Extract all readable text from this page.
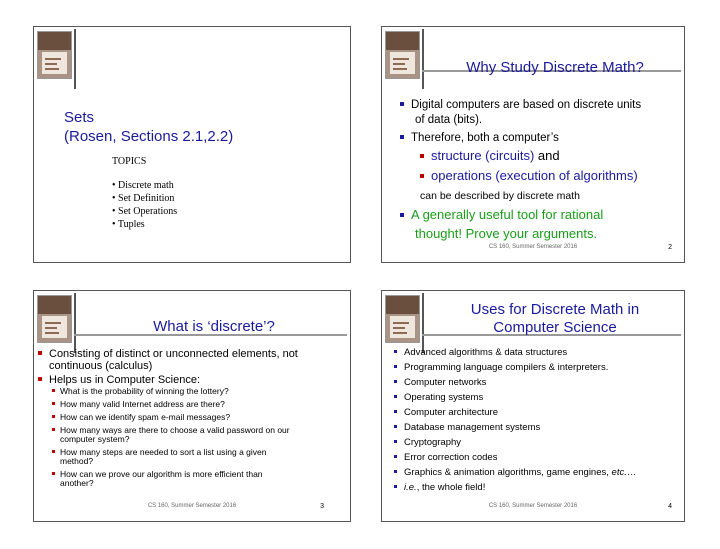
Sets
(Rosen, Sections 2.1,2.2)
TOPICS
• Discrete math
• Set Definition
• Set Operations
• Tuples
Why Study Discrete Math?
Digital computers are based on discrete units
of data (bits).
Therefore, both a computer’s
structure (circuits) and
operations (execution of algorithms)
can be described by discrete math
A generally useful tool for rational
thought! Prove your arguments.
CS 160, Summer Semester 2016	2
What is ‘discrete’?
Consisting of distinct or unconnected elements, not
continuous (calculus)
Helps us in Computer Science:
What is the probability of winning the lottery?
How many valid Internet address are there?
How can we identify spam e-mail messages?
How many ways are there to choose a valid password on our
computer system?
How many steps are needed to sort a list using a given
method?
How can we prove our algorithm is more efficient than
another?
CS 160, Summer Semester 2016	3
Uses for Discrete Math in
Computer Science
Advanced algorithms & data structures
Programming language compilers & interpreters.
Computer networks
Operating systems
Computer architecture
Database management systems
Cryptography
Error correction codes
Graphics & animation algorithms, game engines, etc.…
i.e., the whole field!
CS 160, Summer Semester 2016	4
